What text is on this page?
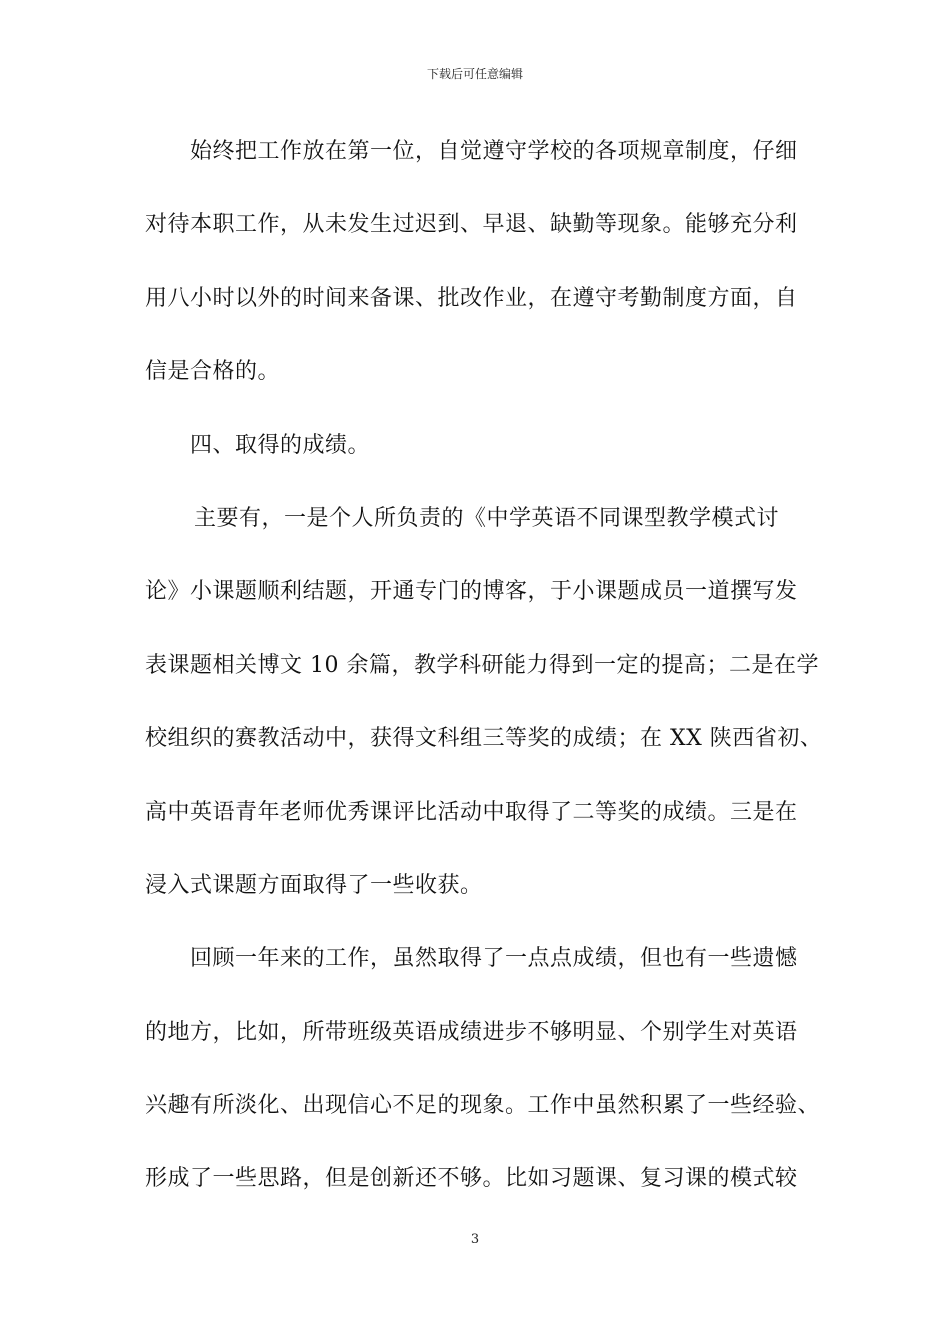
下载后可任意编辑
始终把工作放在第一位，自觉遵守学校的各项规章制度，仔细
对待本职工作，从未发生过迟到、早退、缺勤等现象。能够充分利
用八小时以外的时间来备课、批改作业，在遵守考勤制度方面，自
信是合格的。
四、取得的成绩。
主要有，一是个人所负责的《中学英语不同课型教学模式讨
论》小课题顺利结题，开通专门的博客，于小课题成员一道撰写发
表课题相关博文 10 余篇，教学科研能力得到一定的提高；二是在学
校组织的赛教活动中，获得文科组三等奖的成绩；在 XX 陕西省初、
高中英语青年老师优秀课评比活动中取得了二等奖的成绩。三是在
浸入式课题方面取得了一些收获。
回顾一年来的工作，虽然取得了一点点成绩，但也有一些遗憾
的地方，比如，所带班级英语成绩进步不够明显、个别学生对英语
兴趣有所淡化、出现信心不足的现象。工作中虽然积累了一些经验、
形成了一些思路，但是创新还不够。比如习题课、复习课的模式较
3
